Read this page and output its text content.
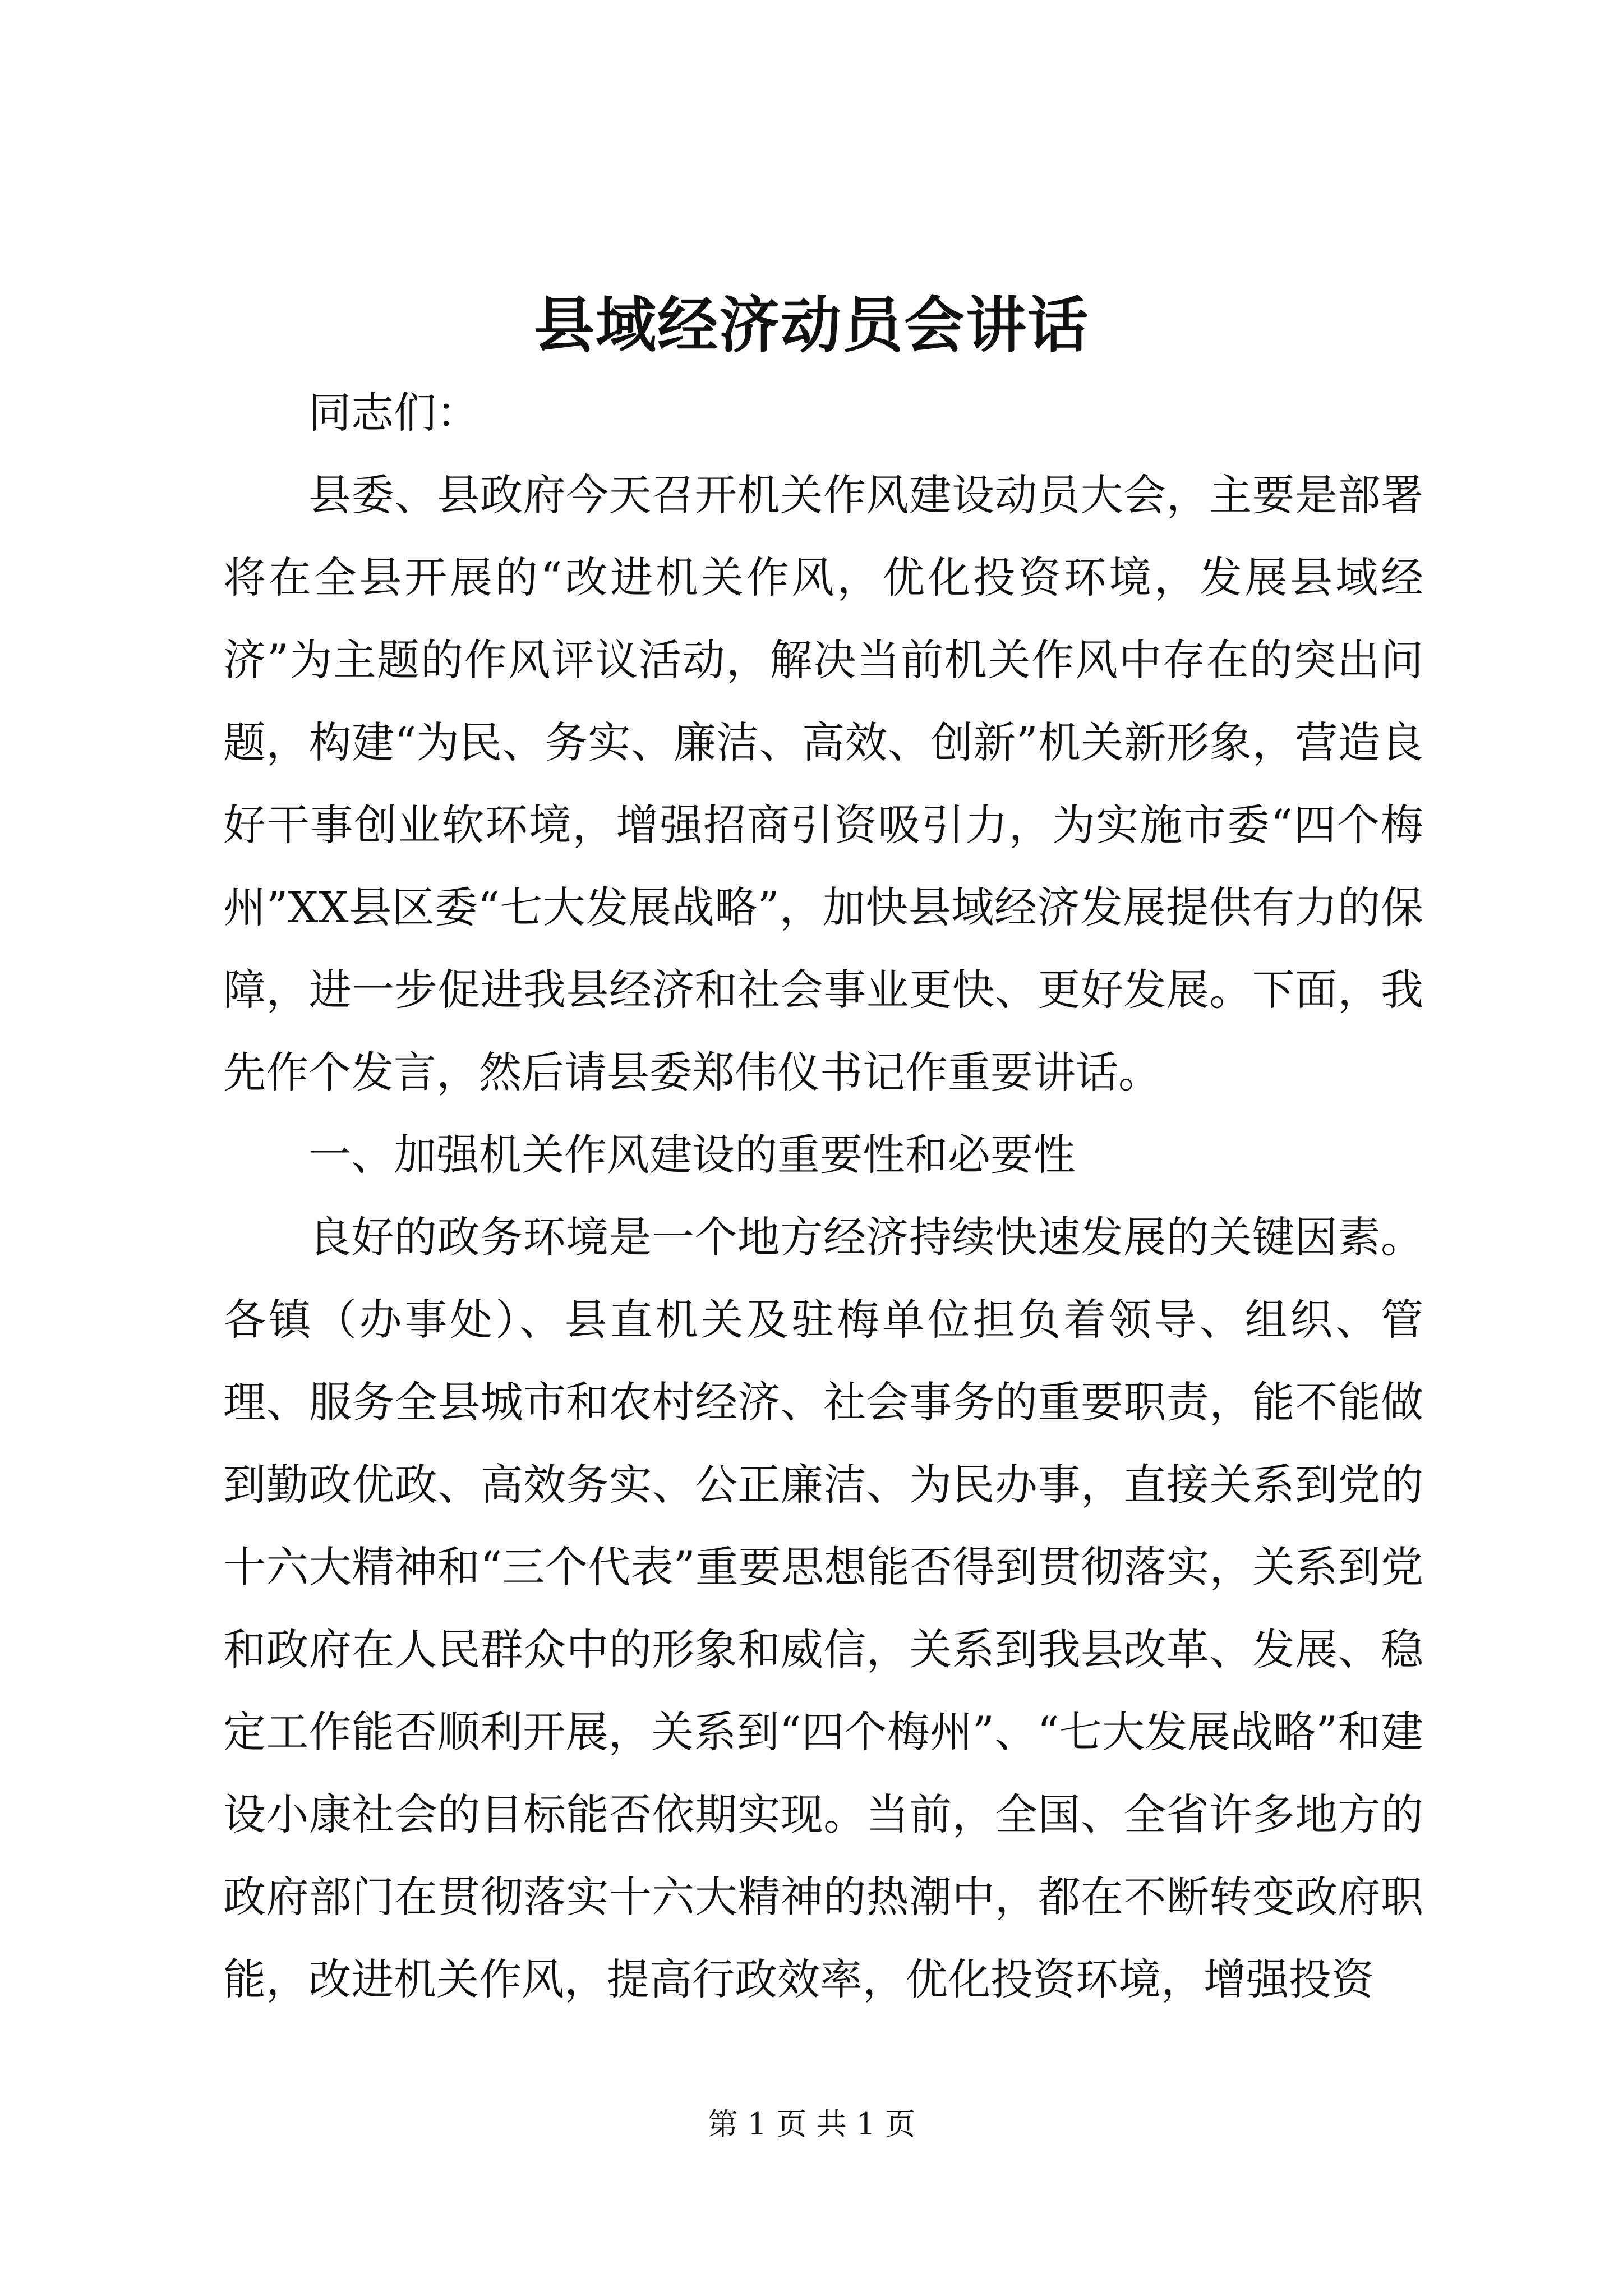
县域经济动员会讲话

同志们：

县委、县政府今天召开机关作风建设动员大会，主要是部署将在全县开展的“改进机关作风，优化投资环境，发展县域经济”为主题的作风评议活动，解决当前机关作风中存在的突出问题，构建“为民、务实、廉洁、高效、创新”机关新形象，营造良好干事创业软环境，增强招商引资吸引力，为实施市委“四个梅州”XX县区委“七大发展战略”，加快县域经济发展提供有力的保障，进一步促进我县经济和社会事业更快、更好发展。下面，我先作个发言，然后请县委郑伟仪书记作重要讲话。

一、加强机关作风建设的重要性和必要性

良好的政务环境是一个地方经济持续快速发展的关键因素。各镇（办事处）、县直机关及驻梅单位担负着领导、组织、管理、服务全县城市和农村经济、社会事务的重要职责，能不能做到勤政优政、高效务实、公正廉洁、为民办事，直接关系到党的十六大精神和“三个代表”重要思想能否得到贯彻落实，关系到党和政府在人民群众中的形象和威信，关系到我县改革、发展、稳定工作能否顺利开展，关系到“四个梅州”、“七大发展战略”和建设小康社会的目标能否依期实现。当前，全国、全省许多地方的政府部门在贯彻落实十六大精神的热潮中，都在不断转变政府职能，改进机关作风，提高行政效率，优化投资环境，增强投资

第 1 页 共 1 页
